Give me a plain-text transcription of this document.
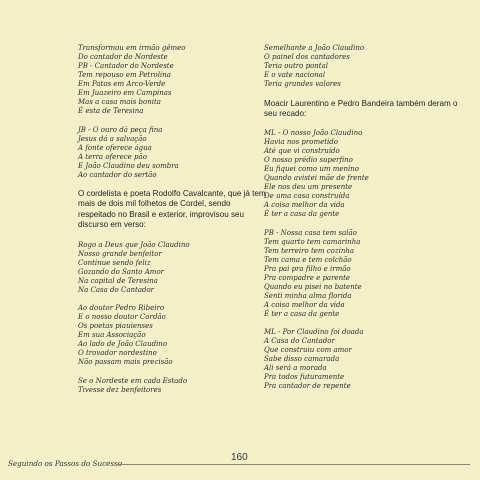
Transformou em irmão gêmeo
Do cantador do Nordeste
PB - Cantador do Nordeste
Tem repouso em Petrolina
Em Patos em Arco-Verde
Em Juazeiro em Campinas
Mas a casa mais bonita
É esta de Teresina
JB - O ouro dá peça fina
Jesus dá a salvação
A fonte oferece água
A terra oferece pão
E João Claudino deu sombra
Ao cantador do sertão

O cordelista e poeta Rodolfo Cavalcante, que já tem mais de dois mil folhetos de Cordel, sendo respeitado no Brasil e exterior, improvisou seu discurso em verso:

Rogo a Deus que João Claudino
Nosso grande benfeitor
Continue sendo feliz
Gozando do Santo Amor
Na capital de Teresina
Na Casa do Cantador
Ao doutor Pedro Ribeiro
E o nosso doutor Cordão
Os poetas piauienses
Em sua Associação
Ao lado de João Claudino
O trovador nordestino
Não passam mais precisão
Se o Nordeste em cada Estado
Tivesse dez benfeitores
Semelhante a João Claudino
O painel dos cantadores
Teria outro pontal
E o vate nacional
Teria grandes valores

Moacir Laurentino e Pedro Bandeira também deram o seu recado:

ML - O nosso João Claudino
Havia nos prometido
Até que vi construído
O nosso prédio superfino
Eu fiquei como um menino
Quando avistei mãe de frente
Ele nos deu um presente
De uma casa construída
A coisa melhor da vida
É ter a casa da gente
PB - Nossa casa tem salão
Tem quarto tem camarinha
Tem terreiro tem cozinha
Tem cama e tem colchão
Pra pai pra filho e irmão
Pra compadre e parente
Quando eu pisei no batente
Senti minha alma florida
A coisa melhor da vida
É ter a casa da gente
ML - Por Claudino foi doada
A Casa do Cantador
Que construiu com amor
Sabe disso camarada
Ali será a morada
Pra todos futuramente
Pra cantador de repente
Seguindo os Passos do Sucesso
160
